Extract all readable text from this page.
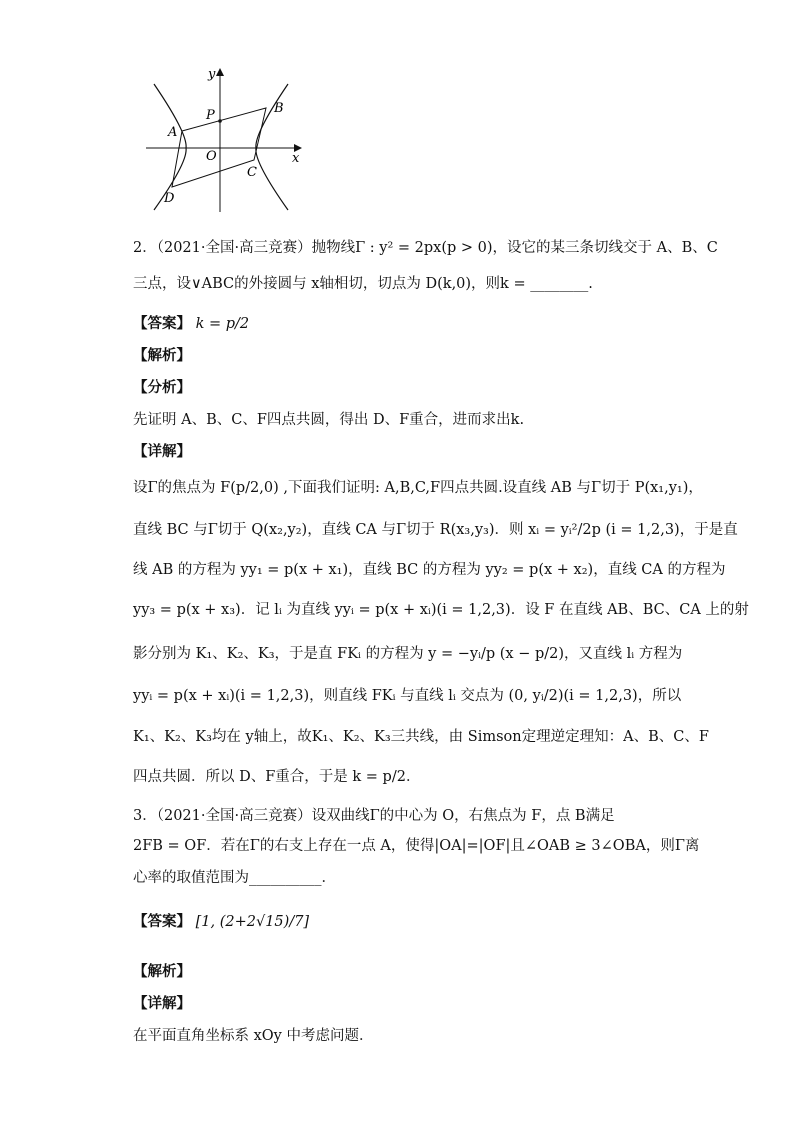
y
x
P
A
B
O
C
D
2．（2021·全国·高三竞赛）抛物线Γ : y² = 2px(p > 0)，设它的某三条切线交于 A、B、C
三点，设∨ABC的外接圆与 x轴相切，切点为 D(k,0)，则k = ________.
【答案】 k = p/2
【解析】
【分析】
先证明 A、B、C、F四点共圆，得出 D、F重合，进而求出k.
【详解】
设Γ的焦点为 F(p/2,0) ,下面我们证明: A,B,C,F四点共圆.设直线 AB 与Γ切于 P(x₁,y₁)，
直线 BC 与Γ切于 Q(x₂,y₂)，直线 CA 与Γ切于 R(x₃,y₃)．则 xᵢ = yᵢ²/2p (i = 1,2,3)，于是直
线 AB 的方程为 yy₁ = p(x + x₁)，直线 BC 的方程为 yy₂ = p(x + x₂)，直线 CA 的方程为
yy₃ = p(x + x₃)．记 lᵢ 为直线 yyᵢ = p(x + xᵢ)(i = 1,2,3)．设 F 在直线 AB、BC、CA 上的射
影分别为 K₁、K₂、K₃，于是直 FKᵢ 的方程为 y = −yᵢ/p (x − p/2)，又直线 lᵢ 方程为
yyᵢ = p(x + xᵢ)(i = 1,2,3)，则直线 FKᵢ 与直线 lᵢ 交点为 (0, yᵢ/2)(i = 1,2,3)，所以
K₁、K₂、K₃均在 y轴上，故K₁、K₂、K₃三共线，由 Simson定理逆定理知：A、B、C、F
四点共圆．所以 D、F重合，于是 k = p/2．
3．（2021·全国·高三竞赛）设双曲线Γ的中心为 O，右焦点为 F，点 B满足
2FB = OF．若在Γ的右支上存在一点 A，使得|OA|=|OF|且∠OAB ≥ 3∠OBA，则Γ离
心率的取值范围为__________．
【答案】 [1, (2+2√15)/7]
【解析】
【详解】
在平面直角坐标系 xOy 中考虑问题．
